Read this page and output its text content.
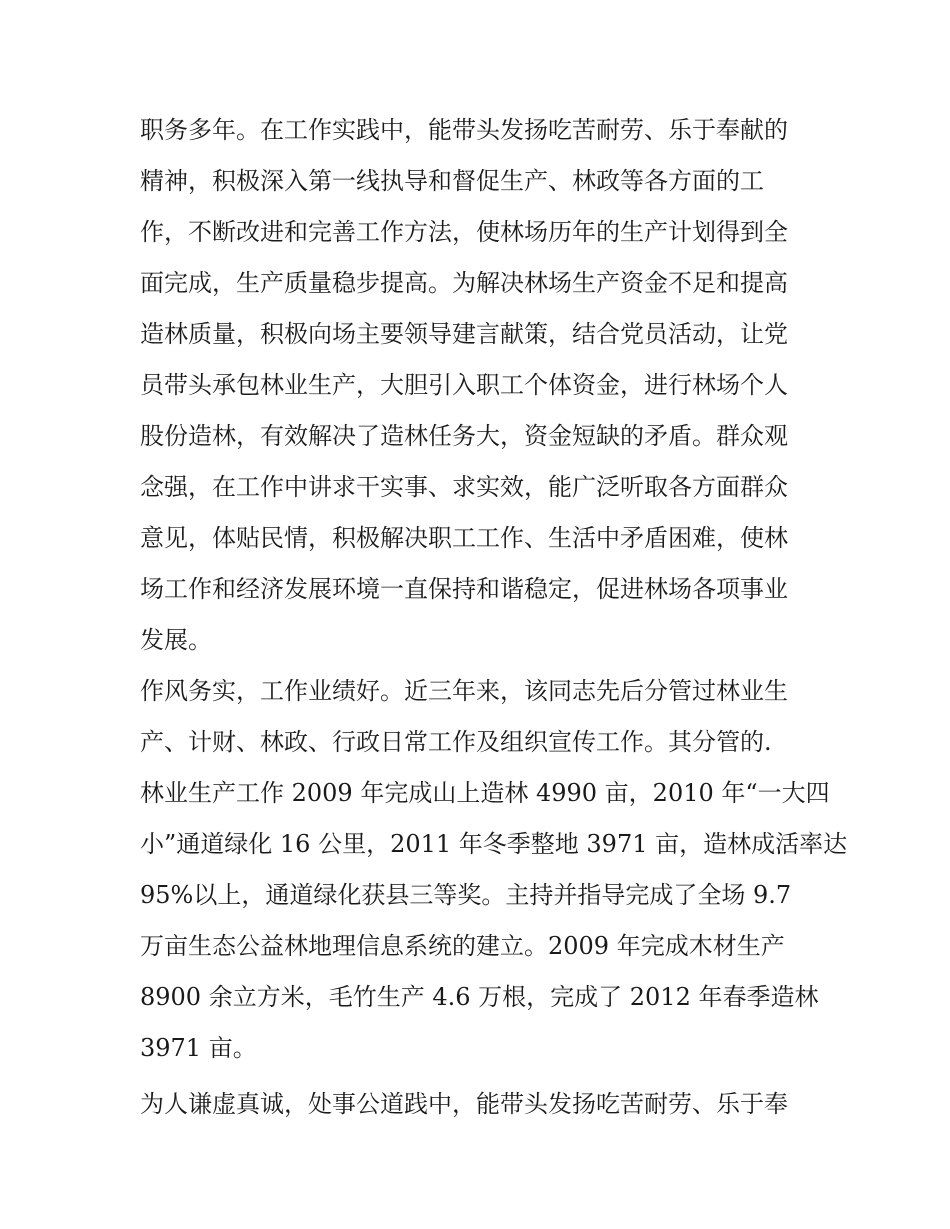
职务多年。在工作实践中，能带头发扬吃苦耐劳、乐于奉献的
精神，积极深入第一线执导和督促生产、林政等各方面的工
作，不断改进和完善工作方法，使林场历年的生产计划得到全
面完成，生产质量稳步提高。为解决林场生产资金不足和提高
造林质量，积极向场主要领导建言献策，结合党员活动，让党
员带头承包林业生产，大胆引入职工个体资金，进行林场个人
股份造林，有效解决了造林任务大，资金短缺的矛盾。群众观
念强，在工作中讲求干实事、求实效，能广泛听取各方面群众
意见，体贴民情，积极解决职工工作、生活中矛盾困难，使林
场工作和经济发展环境一直保持和谐稳定，促进林场各项事业
发展。
作风务实，工作业绩好。近三年来，该同志先后分管过林业生
产、计财、林政、行政日常工作及组织宣传工作。其分管的.
林业生产工作 2009 年完成山上造林 4990 亩，2010 年“一大四
小”通道绿化 16 公里，2011 年冬季整地 3971 亩，造林成活率达
95%以上，通道绿化获县三等奖。主持并指导完成了全场 9.7
万亩生态公益林地理信息系统的建立。2009 年完成木材生产
8900 余立方米，毛竹生产 4.6 万根，完成了 2012 年春季造林
3971 亩。
为人谦虚真诚，处事公道践中，能带头发扬吃苦耐劳、乐于奉
